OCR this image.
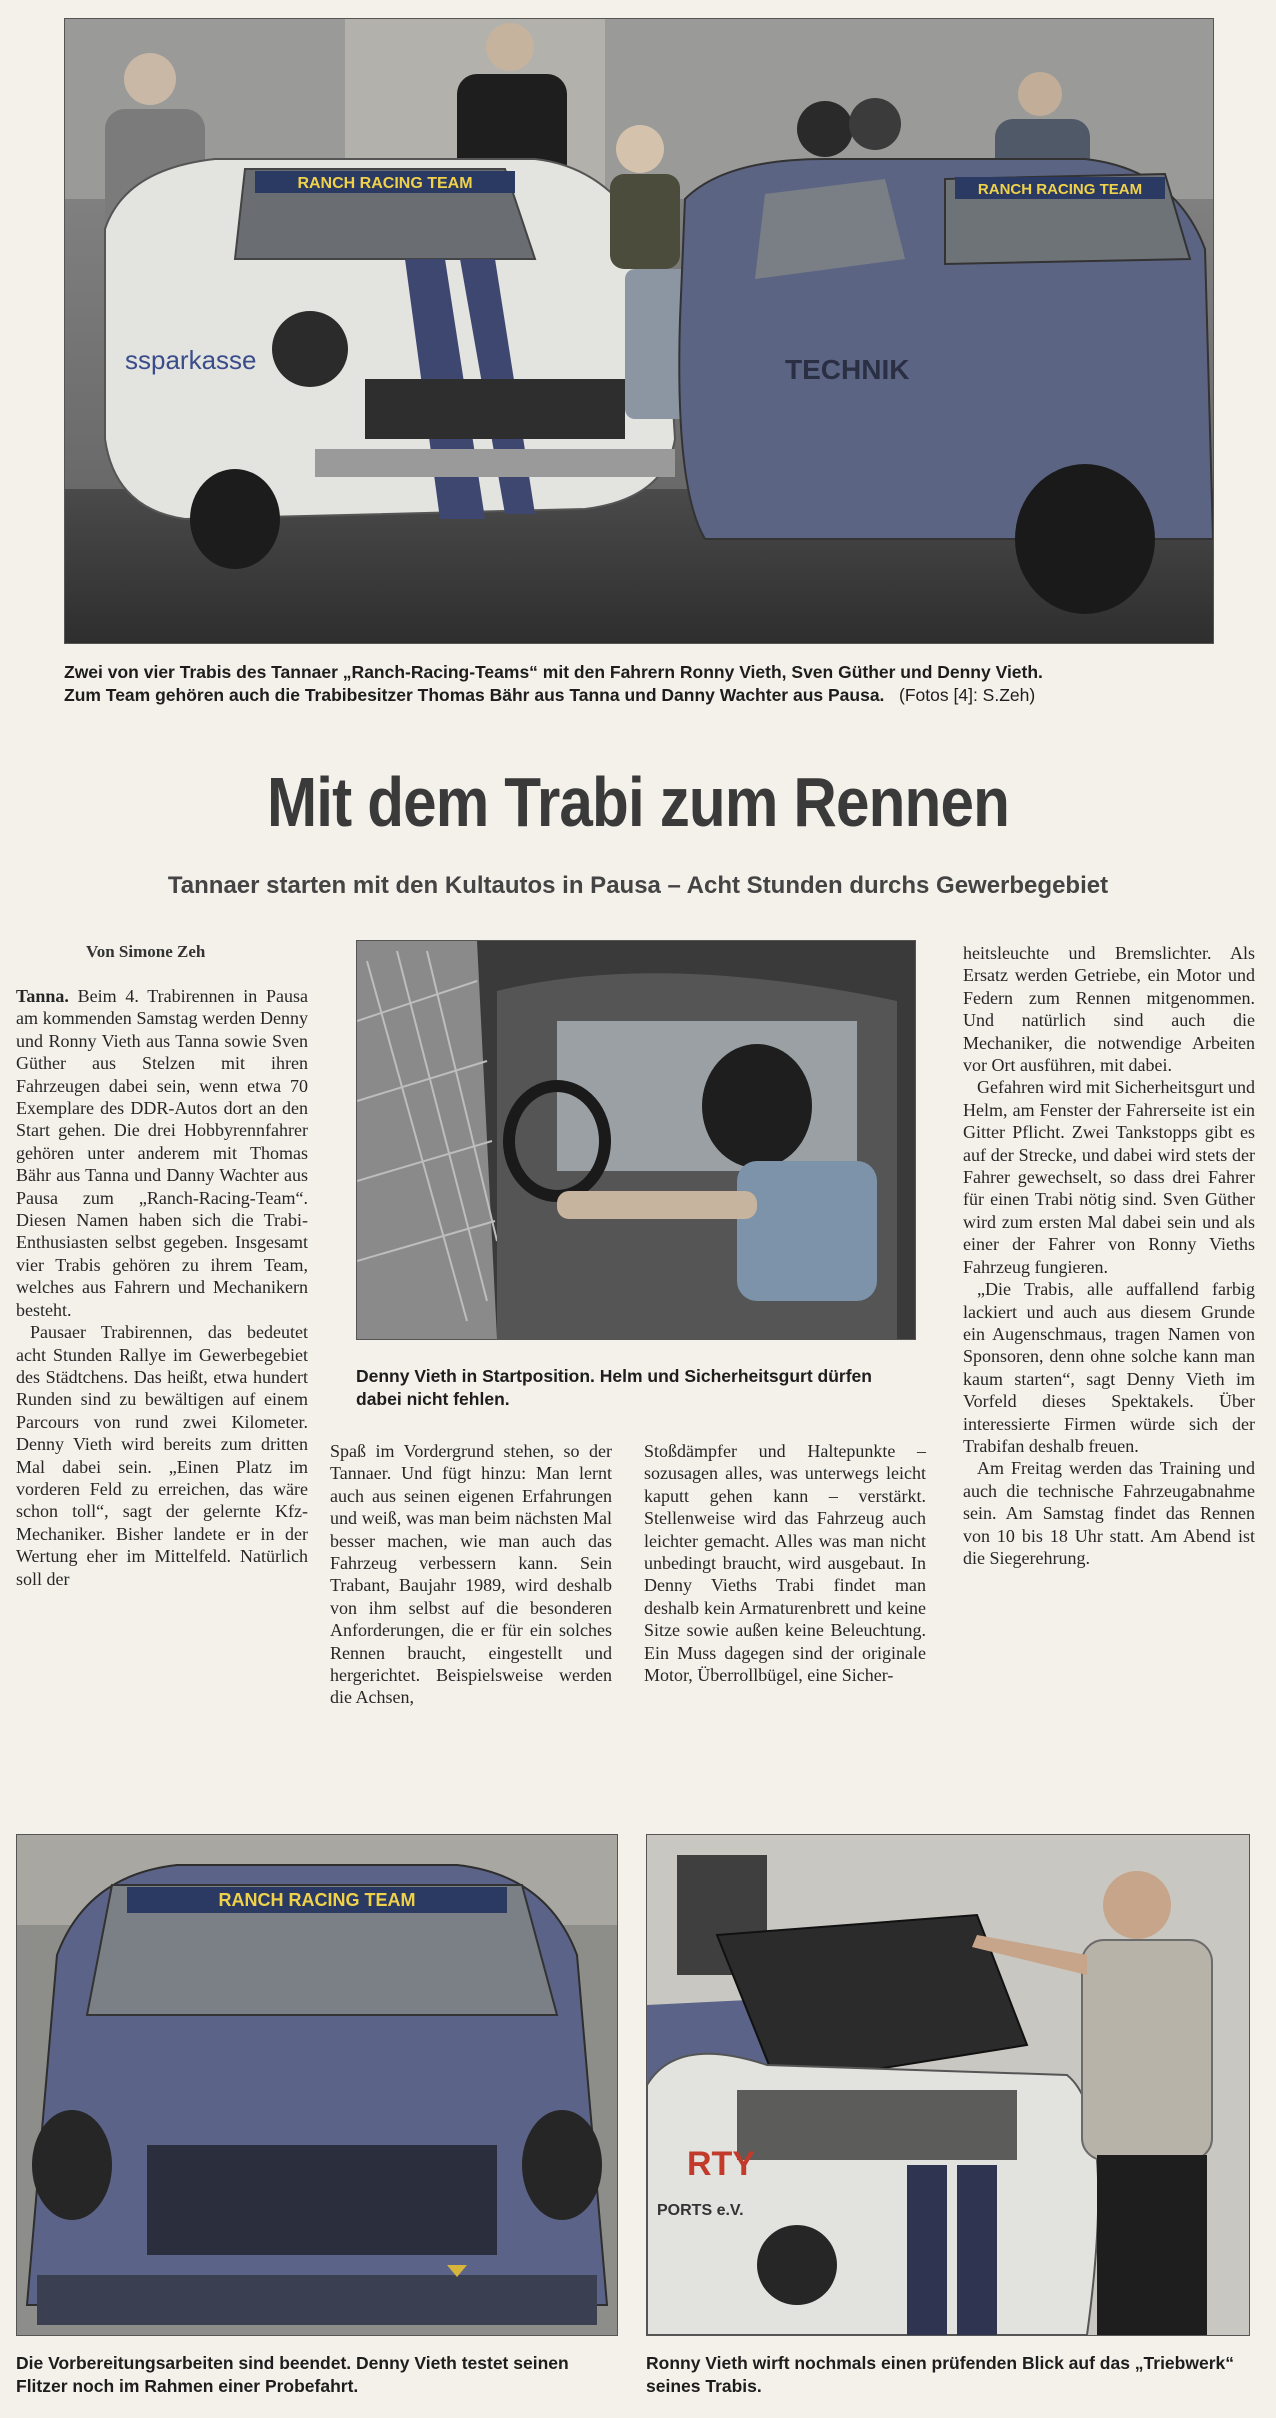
RANCH RACING TEAM
ssparkasse
RANCH RACING TEAM
TECHNIK
Zwei von vier Trabis des Tannaer „Ranch-Racing-Teams“ mit den Fahrern Ronny Vieth, Sven Güther und Denny Vieth.
Zum Team gehören auch die Trabibesitzer Thomas Bähr aus Tanna und Danny Wachter aus Pausa. (Fotos [4]: S.Zeh)
Mit dem Trabi zum Rennen
Tannaer starten mit den Kultautos in Pausa – Acht Stunden durchs Gewerbegebiet
Von Simone Zeh
Denny Vieth in Startposition. Helm und Sicherheitsgurt dürfen dabei nicht fehlen.

Tanna. Beim 4. Trabirennen in Pausa am kommenden Samstag werden Denny und Ronny Vieth aus Tanna sowie Sven Güther aus Stelzen mit ihren Fahrzeugen dabei sein, wenn etwa 70 Exemplare des DDR-Autos dort an den Start gehen. Die drei Hobbyrennfahrer gehören unter anderem mit Thomas Bähr aus Tanna und Danny Wachter aus Pausa zum „Ranch-Racing-Team“. Diesen Namen haben sich die Trabi-Enthusiasten selbst gegeben. Insgesamt vier Trabis gehören zu ihrem Team, welches aus Fahrern und Mechanikern besteht.

Pausaer Trabirennen, das bedeutet acht Stunden Rallye im Gewerbegebiet des Städtchens. Das heißt, etwa hundert Runden sind zu bewältigen auf einem Parcours von rund zwei Kilometer. Denny Vieth wird bereits zum dritten Mal dabei sein. „Einen Platz im vorderen Feld zu erreichen, das wäre schon toll“, sagt der gelernte Kfz-Mechaniker. Bisher landete er in der Wertung eher im Mittelfeld. Natürlich soll der

Spaß im Vordergrund stehen, so der Tannaer. Und fügt hinzu: Man lernt auch aus seinen eigenen Erfahrungen und weiß, was man beim nächsten Mal besser machen, wie man auch das Fahrzeug verbessern kann. Sein Trabant, Baujahr 1989, wird deshalb von ihm selbst auf die besonderen Anforderungen, die er für ein solches Rennen braucht, eingestellt und hergerichtet. Beispielsweise werden die Achsen,

Stoßdämpfer und Haltepunkte – sozusagen alles, was unterwegs leicht kaputt gehen kann – verstärkt. Stellenweise wird das Fahrzeug auch leichter gemacht. Alles was man nicht unbedingt braucht, wird ausgebaut. In Denny Vieths Trabi findet man deshalb kein Armaturenbrett und keine Sitze sowie außen keine Beleuchtung. Ein Muss dagegen sind der originale Motor, Überrollbügel, eine Sicher-

heitsleuchte und Bremslichter. Als Ersatz werden Getriebe, ein Motor und Federn zum Rennen mitgenommen. Und natürlich sind auch die Mechaniker, die notwendige Arbeiten vor Ort ausführen, mit dabei.

Gefahren wird mit Sicherheitsgurt und Helm, am Fenster der Fahrerseite ist ein Gitter Pflicht. Zwei Tankstopps gibt es auf der Strecke, und dabei wird stets der Fahrer gewechselt, so dass drei Fahrer für einen Trabi nötig sind. Sven Güther wird zum ersten Mal dabei sein und als einer der Fahrer von Ronny Vieths Fahrzeug fungieren.

„Die Trabis, alle auffallend farbig lackiert und auch aus diesem Grunde ein Augenschmaus, tragen Namen von Sponsoren, denn ohne solche kann man kaum starten“, sagt Denny Vieth im Vorfeld dieses Spektakels. Über interessierte Firmen würde sich der Trabifan deshalb freuen.

Am Freitag werden das Training und auch die technische Fahrzeugabnahme sein. Am Samstag findet das Rennen von 10 bis 18 Uhr statt. Am Abend ist die Siegerehrung.

RANCH RACING TEAM
Die Vorbereitungsarbeiten sind beendet. Denny Vieth testet seinen Flitzer noch im Rahmen einer Probefahrt.
RTY
PORTS e.V.
Ronny Vieth wirft nochmals einen prüfenden Blick auf das „Triebwerk“ seines Trabis.
